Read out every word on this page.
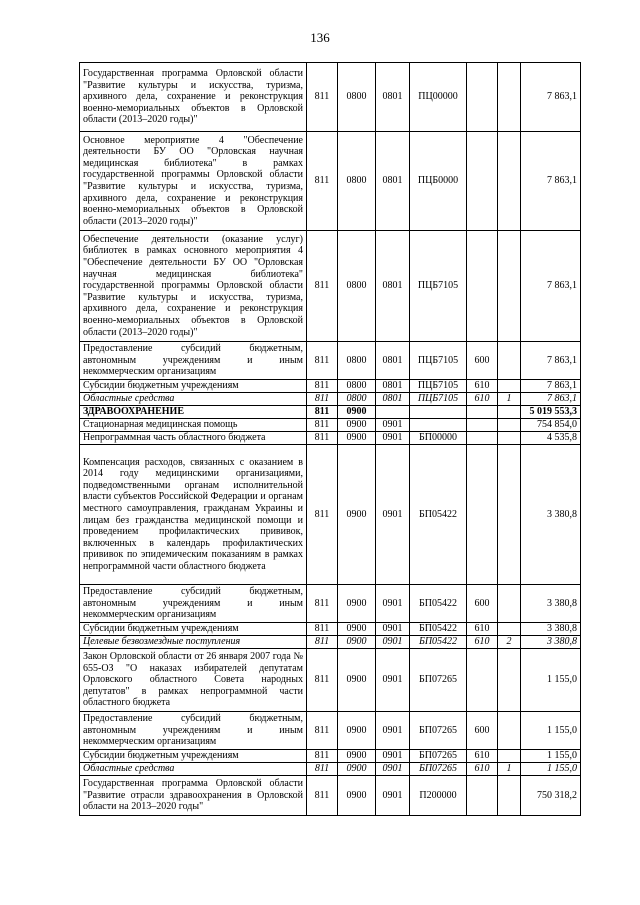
136
Государственная программа Орловской области "Развитие культуры и искусства, туризма, архивного дела, сохранение и реконструкция военно-мемориальных объектов в Орловской области (2013–2020 годы)"	811	0800	0801	ПЦ00000			7 863,1
Основное мероприятие 4 "Обеспечение деятельности БУ ОО "Орловская научная медицинская библиотека" в рамках государственной программы Орловской области "Развитие культуры и искусства, туризма, архивного дела, сохранение и реконструкция военно-мемориальных объектов в Орловской области (2013–2020 годы)"	811	0800	0801	ПЦБ0000			7 863,1
Обеспечение деятельности (оказание услуг) библиотек в рамках основного мероприятия 4 "Обеспечение деятельности БУ ОО "Орловская научная медицинская библиотека" государственной программы Орловской области "Развитие культуры и искусства, туризма, архивного дела, сохранение и реконструкция военно-мемориальных объектов в Орловской области (2013–2020 годы)"	811	0800	0801	ПЦБ7105			7 863,1
Предоставление субсидий бюджетным, автономным учреждениям и иным некоммерческим организациям	811	0800	0801	ПЦБ7105	600		7 863,1
Субсидии бюджетным учреждениям	811	0800	0801	ПЦБ7105	610		7 863,1
Областные средства	811	0800	0801	ПЦБ7105	610	1	7 863,1
ЗДРАВООХРАНЕНИЕ	811	0900					5 019 553,3
Стационарная медицинская помощь	811	0900	0901				754 854,0
Непрограммная часть областного бюджета	811	0900	0901	БП00000			4 535,8
Компенсация расходов, связанных с оказанием в 2014 году медицинскими организациями, подведомственными органам исполнительной власти субъектов Российской Федерации и органам местного самоуправления, гражданам Украины и лицам без гражданства медицинской помощи и проведением профилактических прививок, включенных в календарь профилактических прививок по эпидемическим показаниям в рамках непрограммной части областного бюджета	811	0900	0901	БП05422			3 380,8
Предоставление субсидий бюджетным, автономным учреждениям и иным некоммерческим организациям	811	0900	0901	БП05422	600		3 380,8
Субсидии бюджетным учреждениям	811	0900	0901	БП05422	610		3 380,8
Целевые безвозмездные поступления	811	0900	0901	БП05422	610	2	3 380,8
Закон Орловской области от 26 января 2007 года № 655-ОЗ "О наказах избирателей депутатам Орловского областного Совета народных депутатов" в рамках непрограммной части областного бюджета	811	0900	0901	БП07265			1 155,0
Предоставление субсидий бюджетным, автономным учреждениям и иным некоммерческим организациям	811	0900	0901	БП07265	600		1 155,0
Субсидии бюджетным учреждениям	811	0900	0901	БП07265	610		1 155,0
Областные средства	811	0900	0901	БП07265	610	1	1 155,0
Государственная программа Орловской области "Развитие отрасли здравоохранения в Орловской области на 2013–2020 годы"	811	0900	0901	П200000			750 318,2
